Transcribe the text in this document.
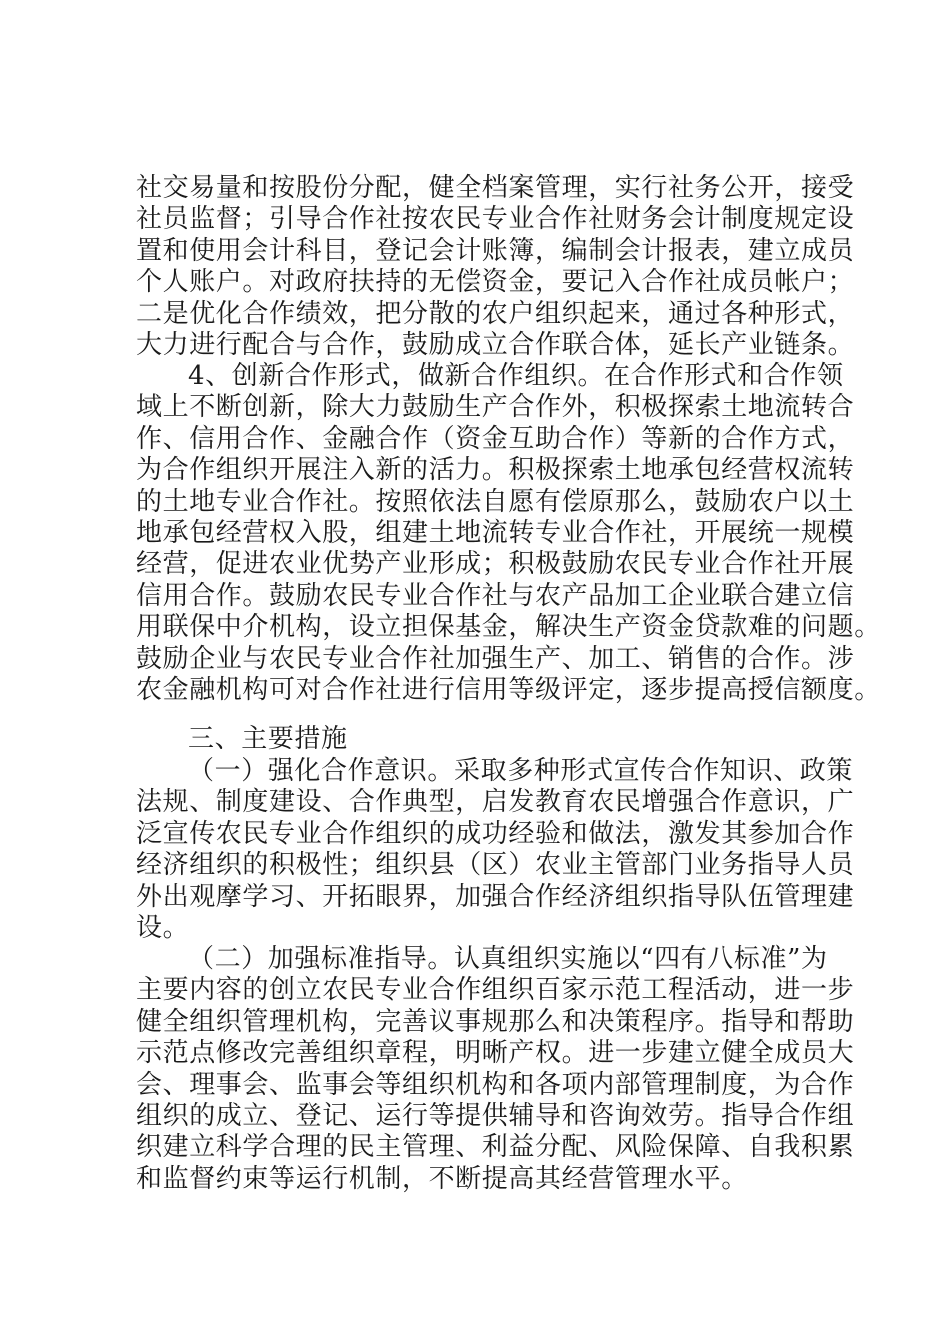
社交易量和按股份分配，健全档案管理，实行社务公开，接受
社员监督；引导合作社按农民专业合作社财务会计制度规定设
置和使用会计科目，登记会计账簿，编制会计报表，建立成员
个人账户。对政府扶持的无偿资金，要记入合作社成员帐户；
二是优化合作绩效，把分散的农户组织起来，通过各种形式，
大力进行配合与合作，鼓励成立合作联合体，延长产业链条。
4、创新合作形式，做新合作组织。在合作形式和合作领
域上不断创新，除大力鼓励生产合作外，积极探索土地流转合
作、信用合作、金融合作（资金互助合作）等新的合作方式，
为合作组织开展注入新的活力。积极探索土地承包经营权流转
的土地专业合作社。按照依法自愿有偿原那么，鼓励农户以土
地承包经营权入股，组建土地流转专业合作社，开展统一规模
经营，促进农业优势产业形成；积极鼓励农民专业合作社开展
信用合作。鼓励农民专业合作社与农产品加工企业联合建立信
用联保中介机构，设立担保基金，解决生产资金贷款难的问题。
鼓励企业与农民专业合作社加强生产、加工、销售的合作。涉
农金融机构可对合作社进行信用等级评定，逐步提高授信额度。
三、主要措施
（一）强化合作意识。采取多种形式宣传合作知识、政策
法规、制度建设、合作典型，启发教育农民增强合作意识，广
泛宣传农民专业合作组织的成功经验和做法，激发其参加合作
经济组织的积极性；组织县（区）农业主管部门业务指导人员
外出观摩学习、开拓眼界，加强合作经济组织指导队伍管理建
设。
（二）加强标准指导。认真组织实施以“四有八标准”为
主要内容的创立农民专业合作组织百家示范工程活动，进一步
健全组织管理机构，完善议事规那么和决策程序。指导和帮助
示范点修改完善组织章程，明晰产权。进一步建立健全成员大
会、理事会、监事会等组织机构和各项内部管理制度，为合作
组织的成立、登记、运行等提供辅导和咨询效劳。指导合作组
织建立科学合理的民主管理、利益分配、风险保障、自我积累
和监督约束等运行机制，不断提高其经营管理水平。
